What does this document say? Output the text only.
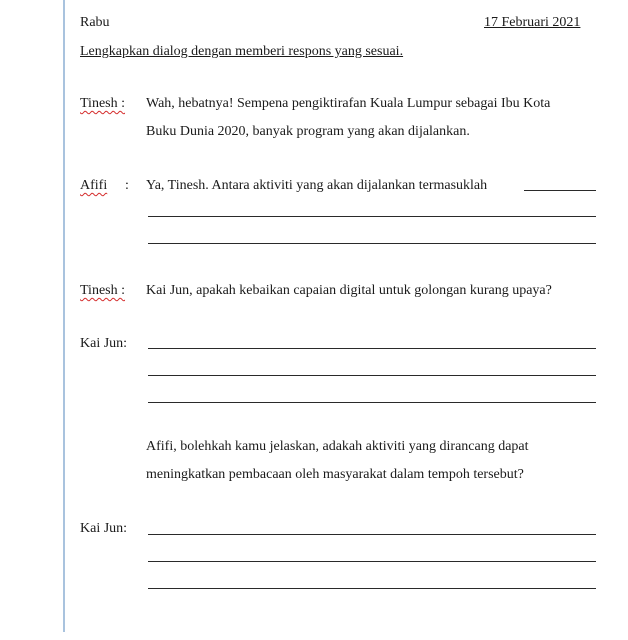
Rabu	17 Februari 2021
Lengkapkan dialog dengan memberi respons yang sesuai.
Tinesh : Wah, hebatnya! Sempena pengiktirafan Kuala Lumpur sebagai Ibu Kota
Buku Dunia 2020, banyak program yang akan dijalankan.
Afifi : Ya, Tinesh. Antara aktiviti yang akan dijalankan termasuklah
Tinesh : Kai Jun, apakah kebaikan capaian digital untuk golongan kurang upaya?
Kai Jun:
Afifi, bolehkah kamu jelaskan, adakah aktiviti yang dirancang dapat
meningkatkan pembacaan oleh masyarakat dalam tempoh tersebut?
Kai Jun:
